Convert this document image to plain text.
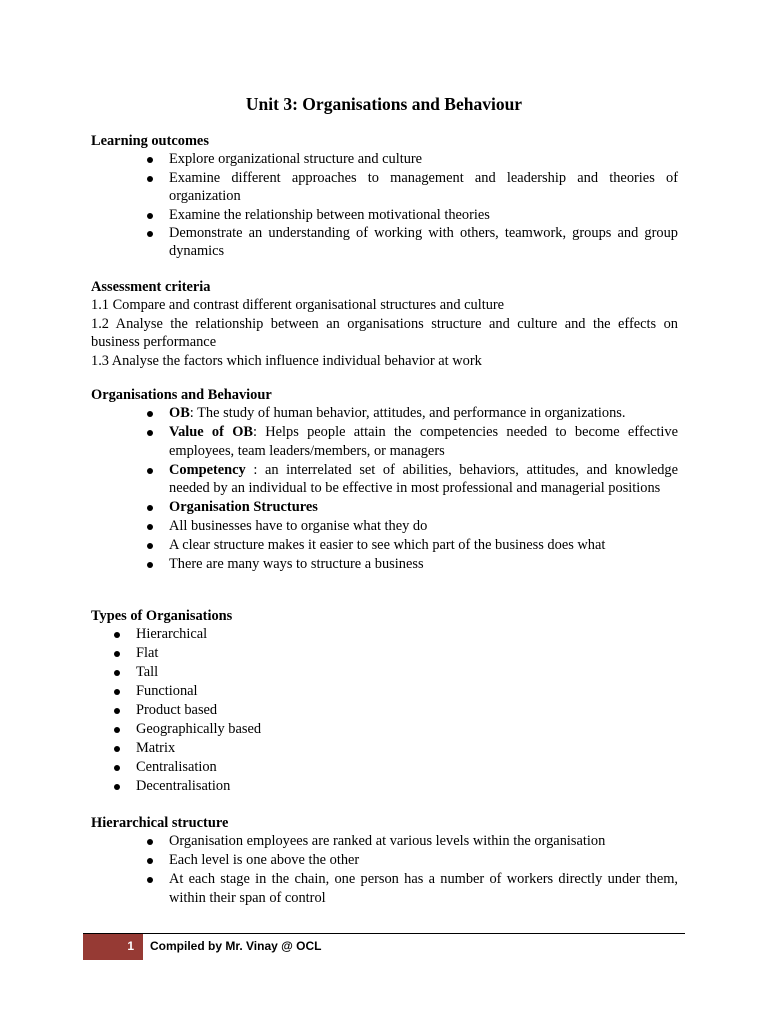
Unit 3: Organisations and Behaviour
Learning outcomes
Explore organizational structure and culture
Examine different approaches to management and leadership and theories of organization
Examine the relationship between motivational theories
Demonstrate an understanding of working with others, teamwork, groups and group dynamics
Assessment criteria

1.1 Compare and contrast different organisational structures and culture

1.2 Analyse the relationship between an organisations structure and culture and the effects on business performance

1.3 Analyse the factors which influence individual behavior at work

Organisations and Behaviour
OB: The study of human behavior, attitudes, and performance in organizations.
Value of OB: Helps people attain the competencies needed to become effective employees, team leaders/members, or managers
Competency : an interrelated set of abilities, behaviors, attitudes, and knowledge needed by an individual to be effective in most professional and managerial positions
Organisation Structures
All businesses have to organise what they do
A clear structure makes it easier to see which part of the business does what
There are many ways to structure a business
Types of Organisations
Hierarchical
Flat
Tall
Functional
Product based
Geographically based
Matrix
Centralisation
Decentralisation
Hierarchical structure
Organisation employees are ranked at various levels within the organisation
Each level is one above the other
At each stage in the chain, one person has a number of workers directly under them, within their span of control
1	Compiled by Mr. Vinay @ OCL
